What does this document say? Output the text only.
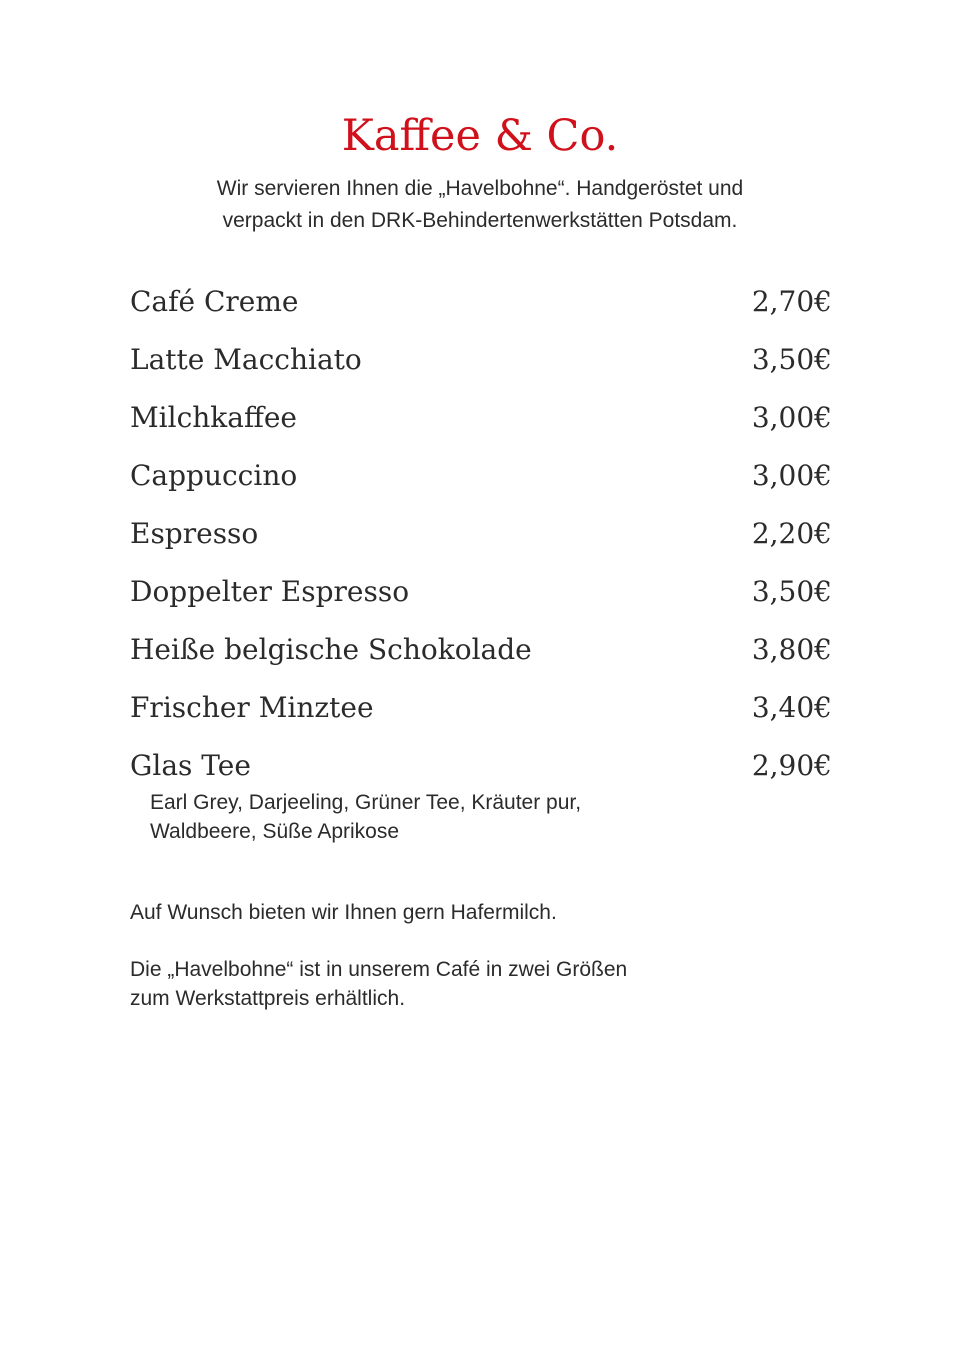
Kaffee & Co.
Wir servieren Ihnen die „Havelbohne“. Handgeröstet und
verpackt in den DRK-Behindertenwerkstätten Potsdam.
Café Creme	2,70€
Latte Macchiato	3,50€
Milchkaffee	3,00€
Cappuccino	3,00€
Espresso	2,20€
Doppelter Espresso	3,50€
Heiße belgische Schokolade	3,80€
Frischer Minztee	3,40€
Glas Tee	2,90€
Earl Grey, Darjeeling, Grüner Tee, Kräuter pur,
Waldbeere, Süße Aprikose

Auf Wunsch bieten wir Ihnen gern Hafermilch.

Die „Havelbohne“ ist in unserem Café in zwei Größen
zum Werkstattpreis erhältlich.
